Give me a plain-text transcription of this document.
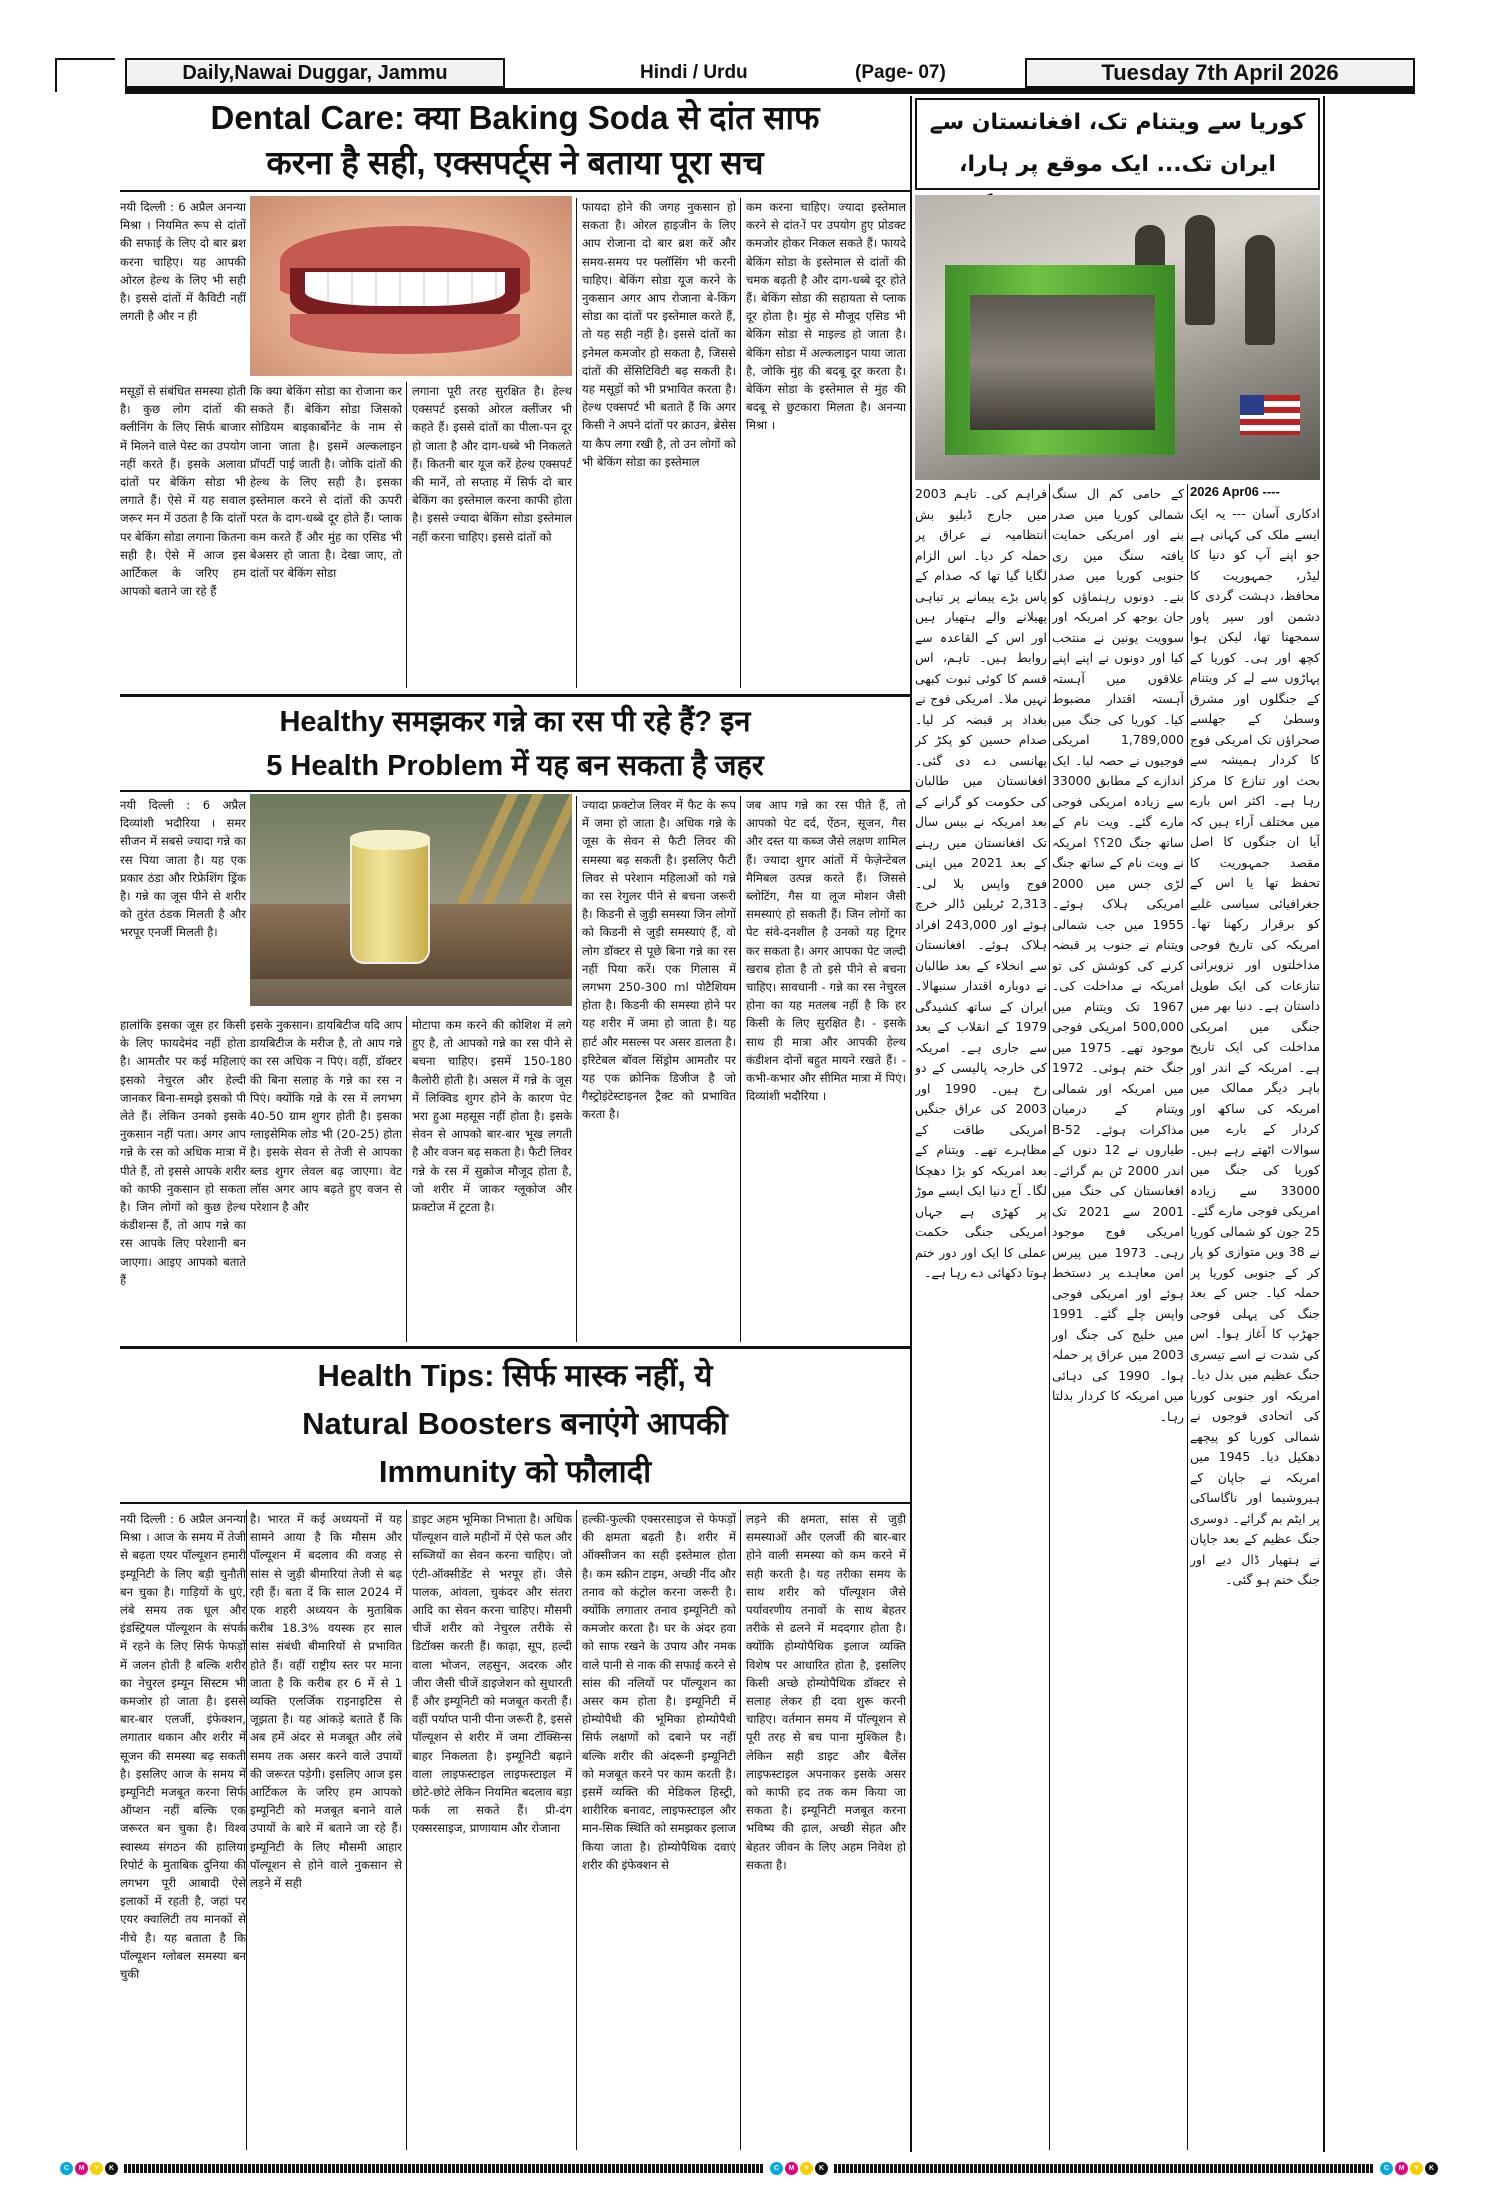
Daily,Nawai Duggar, Jammu	Hindi / Urdu	(Page- 07)	Tuesday 7th April 2026
Dental Care: क्या Baking Soda से दांत साफ
करना है सही, एक्सपर्ट्स ने बताया पूरा सच
नयी दिल्ली : 6 अप्रैल अनन्या मिश्रा । नियमित रूप से दांतों की सफाई के लिए दो बार ब्रश करना चाहिए। यह आपकी ओरल हेल्थ के लिए भी सही है। इससे दांतों में कैविटी नहीं लगती है और न ही
मसूड़ों से संबंधित समस्या होती है। कुछ लोग दांतों की क्लीनिंग के लिए सिर्फ बाजार में मिलने वाले पेस्ट का उपयोग नहीं करते हैं। इसके अलावा दांतों पर बेकिंग सोडा भी लगाते हैं। ऐसे में यह सवाल जरूर मन में उठता है कि दांतों पर बेकिंग सोडा लगाना कितना सही है। ऐसे में आज इस आर्टिकल के जरिए हम आपको बताने जा रहे हैं
कि क्या बेकिंग सोडा का रोजाना कर सकते हैं। बेकिंग सोडा जिसको सोडियम बाइकार्बोनेट के नाम से जाना जाता है। इसमें अल्कलाइन प्रॉपर्टी पाई जाती है। जोकि दांतों की हेल्थ के लिए सही है। इसका इस्तेमाल करने से दांतों की ऊपरी परत के दाग-धब्बे दूर होते हैं। प्लाक कम करते हैं और मुंह का एसिड भी बेअसर हो जाता है। देखा जाए, तो दांतों पर बेकिंग सोडा
लगाना पूरी तरह सुरक्षित है। हेल्थ एक्सपर्ट इसको ओरल क्लींजर भी कहते हैं। इससे दांतों का पीला-पन दूर हो जाता है और दाग-धब्बे भी निकलते हैं। कितनी बार यूज करें हेल्थ एक्सपर्ट की मानें, तो सप्ताह में सिर्फ दो बार बेकिंग का इस्तेमाल करना काफी होता है। इससे ज्यादा बेकिंग सोडा इस्तेमाल नहीं करना चाहिए। इससे दांतों को
फायदा होने की जगह नुकसान हो सकता है। ओरल हाइजीन के लिए आप रोजाना दो बार ब्रश करें और समय-समय पर फ्लॉसिंग भी करनी चाहिए। बेकिंग सोडा यूज करने के नुकसान अगर आप रोजाना बे-किंग सोडा का दांतों पर इस्तेमाल करते हैं, तो यह सही नहीं है। इससे दांतों का इनेमल कमजोर हो सकता है, जिससे दांतों की सेंसिटिविटी बढ़ सकती है। यह मसूड़ों को भी प्रभावित करता है। हेल्थ एक्सपर्ट भी बताते हैं कि अगर किसी ने अपने दांतों पर क्राउन, ब्रेसेस या कैप लगा रखी है, तो उन लोगों को भी बेकिंग सोडा का इस्तेमाल
कम करना चाहिए। ज्यादा इस्तेमाल करने से दांत-ों पर उपयोग हुए प्रोडक्ट कमजोर होकर निकल सकते हैं। फायदे बेकिंग सोडा के इस्तेमाल से दांतों की चमक बढ़ती है और दाग-धब्बे दूर होते हैं। बेकिंग सोडा की सहायता से प्लाक दूर होता है। मुंह से मौजूद एसिड भी बेकिंग सोडा से माइल्ड हो जाता है। बेकिंग सोडा में अल्कलाइन पाया जाता है, जोकि मुंह की बदबू दूर करता है। बेकिंग सोडा के इस्तेमाल से मुंह की बदबू से छुटकारा मिलता है। अनन्या मिश्रा ।
Healthy समझकर गन्ने का रस पी रहे हैं? इन
5 Health Problem में यह बन सकता है जहर
नयी दिल्ली : 6 अप्रैल दिव्यांशी भदौरिया । समर सीजन में सबसे ज्यादा गन्ने का रस पिया जाता है। यह एक प्रकार ठंडा और रिफ्रेशिंग ड्रिंक है। गन्ने का जूस पीने से शरीर को तुरंत ठंडक मिलती है और भरपूर एनर्जी मिलती है।
हालांकि इसका जूस हर किसी के लिए फायदेमंद नहीं होता है। आमतौर पर कई महिलाएं इसको नेचुरल और हेल्दी जानकर बिना-समझे इसको पी लेते हैं। लेकिन उनको इसके नुकसान नहीं पता। अगर आप गन्ने के रस को अधिक मात्रा में पीते हैं, तो इससे आपके शरीर को काफी नुकसान हो सकता है। जिन लोगों को कुछ हेल्थ कंडीशन्स हैं, तो आप गन्ने का रस आपके लिए परेशानी बन जाएगा। आइए आपको बताते हैं
इसके नुकसान। डायबिटीज यदि आप डायबिटीज के मरीज है, तो आप गन्ने का रस अधिक न पिएं। वहीं, डॉक्टर की बिना सलाह के गन्ने का रस न पिएं। क्योंकि गन्ने के रस में लगभग 40-50 ग्राम शुगर होती है। इसका ग्लाइसेमिक लोड भी (20-25) होता है। इसके सेवन से तेजी से आपका ब्लड शुगर लेवल बढ़ जाएगा। वेट लॉस अगर आप बढ़ते हुए वजन से परेशान है और
मोटापा कम करने की कोशिश में लगे हुए है, तो आपको गन्ने का रस पीने से बचना चाहिए। इसमें 150-180 कैलोरी होती है। असल में गन्ने के जूस में लिक्विड शुगर होने के कारण पेट भरा हुआ महसूस नहीं होता है। इसके सेवन से आपको बार-बार भूख लगती है और वजन बढ़ सकता है। फैटी लिवर गन्ने के रस में सुक्रोज मौजूद होता है, जो शरीर में जाकर ग्लूकोज और फ्रक्टोज में टूटता है।
ज्यादा फ्रक्टोज लिवर में फैट के रूप में जमा हो जाता है। अधिक गन्ने के जूस के सेवन से फैटी लिवर की समस्या बढ़ सकती है। इसलिए फैटी लिवर से परेशान महिलाओं को गन्ने का रस रेगुलर पीने से बचना जरूरी है। किडनी से जुड़ी समस्या जिन लोगों को किडनी से जुड़ी समस्याएं हैं, वो लोग डॉक्टर से पूछे बिना गन्ने का रस नहीं पिया करें। एक गिलास में लगभग 250-300 ml पोटैशियम होता है। किडनी की समस्या होने पर यह शरीर में जमा हो जाता है। यह हार्ट और मसल्स पर असर डालता है। इरिटेबल बॉवल सिंड्रोम आमतौर पर यह एक क्रोनिक डिजीज है जो गैस्ट्रोइंटेस्टाइनल ट्रैक्ट को प्रभावित करता है।
जब आप गन्ने का रस पीते हैं, तो आपको पेट दर्द, ऐंठन, सूजन, गैस और दस्त या कब्ज जैसे लक्षण शामिल हैं। ज्यादा शुगर आंतों में फेज़ेन्टेबल मैमिबल उत्पन्न करते हैं। जिससे ब्लोटिंग, गैस या लूज मोशन जैसी समस्याएं हो सकती हैं। जिन लोगों का पेट संवे-दनशील है उनको यह ट्रिगर कर सकता है। अगर आपका पेट जल्दी खराब होता है तो इसे पीने से बचना चाहिए। सावधानी - गन्ने का रस नेचुरल होना का यह मतलब नहीं है कि हर किसी के लिए सुरक्षित है। - इसके साथ ही मात्रा और आपकी हेल्थ कंडीशन दोनों बहुत मायने रखते हैं। - कभी-कभार और सीमित मात्रा में पिएं। दिव्यांशी भदौरिया ।
Health Tips: सिर्फ मास्क नहीं, ये
Natural Boosters बनाएंगे आपकी
Immunity को फौलादी
नयी दिल्ली : 6 अप्रैल अनन्या मिश्रा । आज के समय में तेजी से बढ़ता एयर पॉल्यूशन हमारी इम्यूनिटी के लिए बड़ी चुनौती बन चुका है। गाड़ियों के धुएं, लंबे समय तक धूल और इंडस्ट्रियल पॉल्यूशन के संपर्क में रहने के लिए सिर्फ फेफड़ों में जलन होती है बल्कि शरीर का नेचुरल इम्यून सिस्टम भी कमजोर हो जाता है। इससे बार-बार एलर्जी, इंफेक्शन, लगातार थकान और शरीर में सूजन की समस्या बढ़ सकती है। इसलिए आज के समय में इम्यूनिटी मजबूत करना सिर्फ ऑप्शन नहीं बल्कि एक जरूरत बन चुका है। विश्व स्वास्थ्य संगठन की हालिया रिपोर्ट के मुताबिक दुनिया की लगभग पूरी आबादी ऐसे इलाकों में रहती है, जहां पर एयर क्वालिटी तय मानकों से नीचे है। यह बताता है कि पॉल्यूशन ग्लोबल समस्या बन चुकी
है। भारत में कई अध्ययनों में यह सामने आया है कि मौसम और पॉल्यूशन में बदलाव की वजह से सांस से जुड़ी बीमारियां तेजी से बढ़ रही हैं। बता दें कि साल 2024 में एक शहरी अध्ययन के मुताबिक करीब 18.3% वयस्क हर साल सांस संबंधी बीमारियों से प्रभावित होते हैं। वहीं राष्ट्रीय स्तर पर माना जाता है कि करीब हर 6 में से 1 व्यक्ति एलर्जिक राइनाइटिस से जूझता है। यह आंकड़े बताते हैं कि अब हमें अंदर से मजबूत और लंबे समय तक असर करने वाले उपायों की जरूरत पड़ेगी। इसलिए आज इस आर्टिकल के जरिए हम आपको इम्यूनिटी को मजबूत बनाने वाले उपायों के बारे में बताने जा रहे हैं। इम्यूनिटी के लिए मौसमी आहार पॉल्यूशन से होने वाले नुकसान से लड़ने में सही
डाइट अहम भूमिका निभाता है। अधिक पॉल्यूशन वाले महीनों में ऐसे फल और सब्जियों का सेवन करना चाहिए। जो एंटी-ऑक्सीडेंट से भरपूर हों। जैसे पालक, आंवला, चुकंदर और संतरा आदि का सेवन करना चाहिए। मौसमी चीजें शरीर को नेचुरल तरीके से डिटॉक्स करती हैं। काढ़ा, सूप, हल्दी वाला भोजन, लहसुन, अदरक और जीरा जैसी चीजें डाइजेशन को सुधारती हैं और इम्यूनिटी को मजबूत करती हैं। वहीं पर्याप्त पानी पीना जरूरी है, इससे पॉल्यूशन से शरीर में जमा टॉक्सिन्स बाहर निकलता है। इम्यूनिटी बढ़ाने वाला लाइफस्टाइल लाइफस्टाइल में छोटे-छोटे लेकिन नियमित बदलाव बड़ा फर्क ला सकते हैं। प्री-दंग एक्सरसाइज, प्राणायाम और रोजाना
हल्की-फुल्की एक्सरसाइज से फेफड़ों की क्षमता बढ़ती है। शरीर में ऑक्सीजन का सही इस्तेमाल होता है। कम स्क्रीन टाइम, अच्छी नींद और तनाव को कंट्रोल करना जरूरी है। क्योंकि लगातार तनाव इम्यूनिटी को कमजोर करता है। घर के अंदर हवा को साफ रखने के उपाय और नमक वाले पानी से नाक की सफाई करने से सांस की नलियों पर पॉल्यूशन का असर कम होता है। इम्यूनिटी में होम्योपैथी की भूमिका होम्योपैथी सिर्फ लक्षणों को दबाने पर नहीं बल्कि शरीर की अंदरूनी इम्यूनिटी को मजबूत करने पर काम करती है। इसमें व्यक्ति की मेडिकल हिस्ट्री, शारीरिक बनावट, लाइफस्टाइल और मान-सिक स्थिति को समझकर इलाज किया जाता है। होम्योपैथिक दवाएं शरीर की इंफेक्शन से
लड़ने की क्षमता, सांस से जुड़ी समस्याओं और एलर्जी की बार-बार होने वाली समस्या को कम करने में सही करती है। यह तरीका समय के साथ शरीर को पॉल्यूशन जैसे पर्यावरणीय तनावों के साथ बेहतर तरीके से ढलने में मददगार होता है। क्योंकि होम्योपैथिक इलाज व्यक्ति विशेष पर आधारित होता है, इसलिए किसी अच्छे होम्योपैथिक डॉक्टर से सलाह लेकर ही दवा शुरू करनी चाहिए। वर्तमान समय में पॉल्यूशन से पूरी तरह से बच पाना मुश्किल है। लेकिन सही डाइट और बैलेंस लाइफस्टाइल अपनाकर इसके असर को काफी हद तक कम किया जा सकता है। इम्यूनिटी मजबूत करना भविष्य की ढ़ाल, अच्छी सेहत और बेहतर जीवन के लिए अहम निवेश हो सकता है।
کوریا سے ویتنام تک، افغانستان سے ایران تک... ایک موقع پر ہارا،
2026 Apr06 ----
ادکاری آسان --- یہ ایک ایسے ملک کی کہانی ہے جو اپنے آپ کو دنیا کا لیڈر، جمہوریت کا محافظ، دہشت گردی کا دشمن اور سپر پاور سمجھتا تھا، لیکن ہوا کچھ اور ہی۔ کوریا کے پہاڑوں سے لے کر ویتنام کے جنگلوں اور مشرق وسطیٰ کے جھلسے صحراؤں تک امریکی فوج کا کردار ہمیشہ سے بحث اور تنازع کا مرکز رہا ہے۔ اکثر اس بارے میں مختلف آراء ہیں کہ آیا ان جنگوں کا اصل مقصد جمہوریت کا تحفظ تھا یا اس کے جغرافیائی سیاسی غلبے کو برقرار رکھنا تھا۔ امریکہ کی تاریخ فوجی مداخلتوں اور تزویراتی تنازعات کی ایک طویل داستان ہے۔ دنیا بھر میں جنگی میں امریکی مداخلت کی ایک تاریخ ہے۔ امریکہ کے اندر اور باہر دیگر ممالک میں امریکہ کی ساکھ اور کردار کے بارے میں سوالات اٹھتے رہے ہیں۔ کوریا کی جنگ میں 33000 سے زیادہ امریکی فوجی مارے گئے۔ 25 جون کو شمالی کوریا نے 38 ویں متوازی کو پار کر کے جنوبی کوریا پر حملہ کیا۔ جس کے بعد جنگ کی پہلی فوجی جھڑپ کا آغاز ہوا۔ اس کی شدت نے اسے تیسری جنگ عظیم میں بدل دیا۔ امریکہ اور جنوبی کوریا کی اتحادی فوجوں نے شمالی کوریا کو پیچھے دھکیل دیا۔ 1945 میں امریکہ نے جاپان کے ہیروشیما اور ناگاساکی پر ایٹم بم گرائے۔ دوسری جنگ عظیم کے بعد جاپان نے ہتھیار ڈال دیے اور جنگ ختم ہو گئی۔
کے حامی کم ال سنگ شمالی کوریا میں صدر بنے اور امریکی حمایت یافتہ سنگ مین ری جنوبی کوریا میں صدر بنے۔ دونوں رہنماؤں کو جان بوجھ کر امریکہ اور سوویت یونین نے منتخب کیا اور دونوں نے اپنے اپنے علاقوں میں آہستہ آہستہ اقتدار مضبوط کیا۔ کوریا کی جنگ میں 1,789,000 امریکی فوجیوں نے حصہ لیا۔ ایک اندازے کے مطابق 33000 سے زیادہ امریکی فوجی مارے گئے۔ ویت نام کے ساتھ جنگ 20؟؟ امریکہ نے ویت نام کے ساتھ جنگ لڑی جس میں 2000 امریکی ہلاک ہوئے۔ 1955 میں جب شمالی ویتنام نے جنوب پر قبضہ کرنے کی کوشش کی تو امریکہ نے مداخلت کی۔ 1967 تک ویتنام میں 500,000 امریکی فوجی موجود تھے۔ 1975 میں جنگ ختم ہوئی۔ 1972 میں امریکہ اور شمالی ویتنام کے درمیان مذاکرات ہوئے۔ 52-B طیاروں نے 12 دنوں کے اندر 2000 ٹن بم گرائے۔ افغانستان کی جنگ میں 2001 سے 2021 تک امریکی فوج موجود رہی۔ 1973 میں پیرس امن معاہدے پر دستخط ہوئے اور امریکی فوجی واپس چلے گئے۔ 1991 میں خلیج کی جنگ اور 2003 میں عراق پر حملہ ہوا۔ 1990 کی دہائی میں امریکہ کا کردار بدلتا رہا۔
فراہم کی۔ تاہم 2003 میں جارج ڈبلیو بش انتظامیہ نے عراق پر حملہ کر دیا۔ اس الزام لگایا گیا تھا کہ صدام کے پاس بڑے پیمانے پر تباہی پھیلانے والے ہتھیار ہیں اور اس کے القاعدہ سے روابط ہیں۔ تاہم، اس قسم کا کوئی ثبوت کبھی نہیں ملا۔ امریکی فوج نے بغداد پر قبضہ کر لیا۔ صدام حسین کو پکڑ کر پھانسی دے دی گئی۔ افغانستان میں طالبان کی حکومت کو گرانے کے بعد امریکہ نے بیس سال تک افغانستان میں رہنے کے بعد 2021 میں اپنی فوج واپس بلا لی۔ 2,313 ٹریلین ڈالر خرچ ہوئے اور 243,000 افراد ہلاک ہوئے۔ افغانستان سے انخلاء کے بعد طالبان نے دوبارہ اقتدار سنبھالا۔ ایران کے ساتھ کشیدگی 1979 کے انقلاب کے بعد سے جاری ہے۔ امریکہ کی خارجہ پالیسی کے دو رخ ہیں۔ 1990 اور 2003 کی عراق جنگیں امریکی طاقت کے مظاہرے تھے۔ ویتنام کے بعد امریکہ کو بڑا دھچکا لگا۔ آج دنیا ایک ایسے موڑ پر کھڑی ہے جہاں امریکی جنگی حکمت عملی کا ایک اور دور ختم ہوتا دکھائی دے رہا ہے۔
C	M	Y	K	C	M	Y	K	C	M	Y	K
